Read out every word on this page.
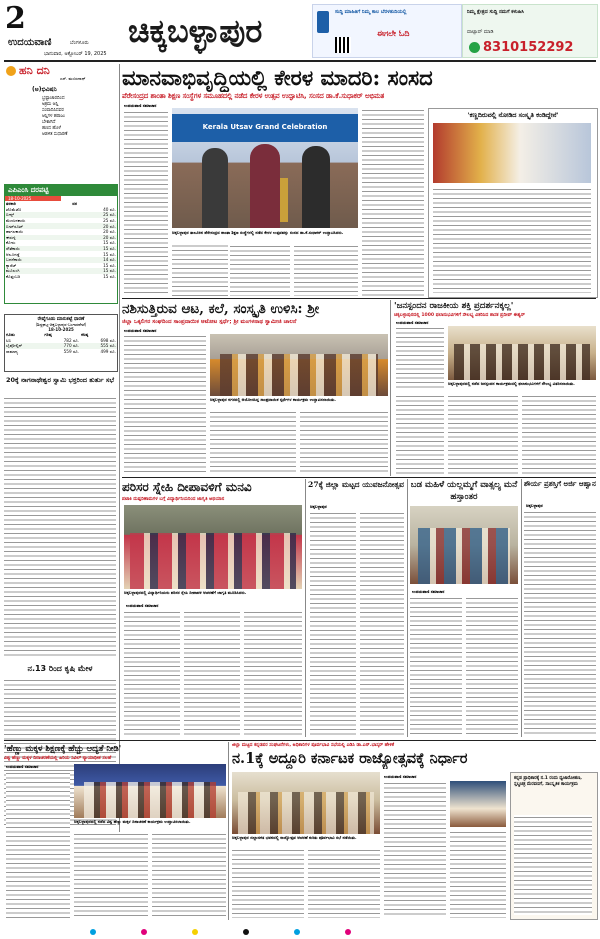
2
ಉದಯವಾಣಿ	ಬೆಂಗಳೂರು
ಭಾನುವಾರ, ಅಕ್ಟೋಬರ್ 19, 2025
ಚಿಕ್ಕಬಳ್ಳಾಪುರ	ಸುದ್ದಿ ಮಾಹಿತಿಗೆ ನಿಮ್ಮ ಕಾಲ ಬೆರಳತುದಿಯಲ್ಲಿ
ಈಗಲೇ ಓದಿ
ನಿಮ್ಮ ಕ್ಷೇತ್ರದ ಸುದ್ದಿ ನಮಗೆ ಕಳುಹಿಸಿ
ವಾಟ್ಸಾಪ್ ಮಾಡಿ
8310152292
ಹನಿ ದನಿ
ಎಸ್. ಮಂಜುನಾಥ್
(ಅ)ಭಿವಿಷನಿ
ಭ್ರಷ್ಟಾಚಾರದಿಂದ
ಅಕ್ರಮ ಆಸ್ತಿ
ಸಂಪಾದಿಸಿದವರ
ಆಸ್ತಿಗಳ ಹರಾಜು
ಬೇಕಾಗಿದೆ
ಹಣದ ಹೊಳೆ
ಆಡಳಿತ ಸುಧಾರಣೆ
ಎಪಿಎಂಸಿ ದರಪಟ್ಟಿ
18-10-2025
ತರಕಾರಿ	ದರ
ಟೊಮೆಟೊ	40 ರೂ.
ಬೀನ್ಸ್	25 ರೂ.
ಮೆಣಸಿನಕಾಯಿ	25 ರೂ.
ಬೀಟ್‌ರೂಟ್	20 ರೂ.
ಹಾಗಲಕಾಯಿ	20 ರೂ.
ಈರುಳ್ಳಿ	20 ರೂ.
ಕೋಸು	15 ರೂ.
ಸೌತೆಕಾಯಿ	15 ರೂ.
ಆಲೂಗಡ್ಡೆ	15 ರೂ.
ಬದನೆಕಾಯಿ	14 ರೂ.
ಕ್ಯಾರೆಟ್	15 ರೂ.
ಮೂಲಂಗಿ	15 ರೂ.
ಕೊತ್ತಂಬರಿ	15 ರೂ.
ರೇಷ್ಮೆಗೂಡು ಮಾರುಕಟ್ಟೆ ಧಾರಣೆ
(ಶಿಡ್ಲಘಟ್ಟ-ಚಿಕ್ಕಬಳ್ಳಾಪುರ-ಬಂಗಾರಪೇಟೆ)
18-10-2025
ಗೂಡು	ಗರಿಷ್ಠ	ಕನಿಷ್ಠ
ಸಿಬಿ	782 ರೂ.	698 ರೂ.
ಬೈವೋಲ್ಟಿನ್	770 ರೂ.	555 ರೂ.
ಸಾಮಾನ್ಯ	559 ರೂ.	499 ರೂ.
20ಕ್ಕೆ ನಾಗನಾಥೇಶ್ವರ ಸ್ವಾಮಿ ಭಕ್ತರಿಂದ ತುರ್ತು ಸಭೆ
ನ.13 ರಿಂದ ಕೃಷಿ ಮೇಳ
ಮಾನವಾಭಿವೃದ್ಧಿಯಲ್ಲಿ ಕೇರಳ ಮಾದರಿ: ಸಂಸದ
ಪೆರೇಸಂದ್ರದ ಶಾಂತಾ ಶಿಕ್ಷಣ ಸಂಸ್ಥೆಗಳ ಸಮೂಹದಲ್ಲಿ ನಡೆದ ಕೇರಳ ಉತ್ಸವ ಉದ್ಘಾಟಿಸಿ, ಸಂಸದ ಡಾ.ಕೆ.ಸುಧಾಕರ್ ಅಭಿಮತ
ಉದಯವಾಣಿ ಸಮಾಚಾರ
Kerala Utsav Grand Celebration
ಚಿಕ್ಕಬಳ್ಳಾಪುರ ತಾಲೂಕಿನ ಪೆರೇಸಂದ್ರದ ಶಾಂತಾ ಶಿಕ್ಷಣ ಸಂಸ್ಥೆಗಳಲ್ಲಿ ನಡೆದ ಕೇರಳ ಉತ್ಸವವನ್ನು ಸಂಸದ ಡಾ.ಕೆ.ಸುಧಾಕರ್ ಉದ್ಘಾಟಿಸಿದರು.
'ಕಣ್ಣದಿರುವಲ್ಲಿ ನೋಡಿದ ಸಂಸ್ಕೃತಿ ಕಂಡಿದ್ದೇನೆ'
ನಶಿಸುತ್ತಿರುವ ಆಟ, ಕಲೆ, ಸಂಸ್ಕೃತಿ ಉಳಿಸಿ: ಶ್ರೀ
ಜಿಲ್ಲಾ ಒಕ್ಕಲಿಗರ ಸಂಘದಿಂದ ಸಾಂಪ್ರದಾಯಿಕ ಆಟೋಟ ಸ್ಪರ್ಧೆ; ಶ್ರೀ ಮಂಗಳನಾಥ ಸ್ವಾಮೀಜಿ ಚಾಲನೆ
ಉದಯವಾಣಿ ಸಮಾಚಾರ
ಚಿಕ್ಕಬಳ್ಳಾಪುರ ನಗರದಲ್ಲಿ ಆಯೋಜಿಸಿದ್ದ ಸಾಂಪ್ರದಾಯಿಕ ಸ್ಪರ್ಧೆಗಳ ಕಾರ್ಯಕ್ರಮ ಉದ್ಘಾಟಿಸಲಾಯಿತು.
'ಜನಸ್ಪಂದನ ರಾಜಕೀಯ ಶಕ್ತಿ ಪ್ರದರ್ಶನಕ್ಕಲ್ಲ'
ಚಿಕ್ಕಬಳ್ಳಾಪುರದಲ್ಲಿ 1000 ಫಲಾನುಭವಿಗಳಿಗೆ ಸೌಲಭ್ಯ ವಿತರಿಸಿದ ಶಾಸಕ ಪ್ರದೀಪ್ ಈಶ್ವರ್
ಉದಯವಾಣಿ ಸಮಾಚಾರ
ಚಿಕ್ಕಬಳ್ಳಾಪುರದಲ್ಲಿ ನಡೆದ ಜನಸ್ಪಂದನ ಕಾರ್ಯಕ್ರಮದಲ್ಲಿ ಫಲಾನುಭವಿಗಳಿಗೆ ಸೌಲಭ್ಯ ವಿತರಿಸಲಾಯಿತು.
ಪರಿಸರ ಸ್ನೇಹಿ ದೀಪಾವಳಿಗೆ ಮನವಿ
ಪಟಾಕಿ ದುಷ್ಪರಿಣಾಮಗಳ ಬಗ್ಗೆ ವಿದ್ಯಾರ್ಥಿನಿಯರಿಂದ ಜಾಗೃತಿ ಅಭಿಯಾನ
ಚಿಕ್ಕಬಳ್ಳಾಪುರದಲ್ಲಿ ವಿದ್ಯಾರ್ಥಿನಿಯರು ಪರಿಸರ ಸ್ನೇಹಿ ದೀಪಾವಳಿ ಆಚರಣೆಗೆ ಜಾಗೃತಿ ಮೂಡಿಸಿದರು.
ಉದಯವಾಣಿ ಸಮಾಚಾರ
27ಕ್ಕೆ ಜಿಲ್ಲಾ ಮಟ್ಟದ ಯುವಜನೋತ್ಸವ
ಚಿಕ್ಕಬಳ್ಳಾಪುರ
ಬಡ ಮಹಿಳೆ ಯಲ್ಲಮ್ಮಗೆ ವಾತ್ಸಲ್ಯ ಮನೆ ಹಸ್ತಾಂತರ
ಉದಯವಾಣಿ ಸಮಾಚಾರ
ಶೌರ್ಯ ಪ್ರಶಸ್ತಿಗೆ ಅರ್ಜಿ ಆಹ್ವಾನ
ಚಿಕ್ಕಬಳ್ಳಾಪುರ
'ಹೆಣ್ಣು ಮಕ್ಕಳ ಶಿಕ್ಷಣಕ್ಕೆ ಹೆಚ್ಚು ಆದ್ಯತೆ ನೀಡಿ'
ವಿಶ್ವ ಹೆಣ್ಣು ಮಕ್ಕಳ ದಿನಾಚರಣೆಯಲ್ಲಿ ಹಿರಿಯ ಸಿವಿಲ್ ನ್ಯಾಯಾಧೀಶ ಸಲಹೆ
ಉದಯವಾಣಿ ಸಮಾಚಾರ
ಚಿಕ್ಕಬಳ್ಳಾಪುರದಲ್ಲಿ ನಡೆದ ವಿಶ್ವ ಹೆಣ್ಣು ಮಕ್ಕಳ ದಿನಾಚರಣೆ ಕಾರ್ಯಕ್ರಮ ಉದ್ಘಾಟಿಸಲಾಯಿತು.
ಜಿಲ್ಲಾ ಮಟ್ಟದ ಕನ್ನಡಪರ ಸಂಘಟನೆಗಳು, ಅಧಿಕಾರಿಗಳ ಪೂರ್ವಭಾವಿ ಸಭೆಯಲ್ಲಿ ಎಡಿಸಿ ಡಾ.ಎನ್.ಭಾಸ್ಕರ್ ಹೇಳಿಕೆ
ನ.1ಕ್ಕೆ ಅದ್ದೂರಿ ಕರ್ನಾಟಕ ರಾಜ್ಯೋತ್ಸವಕ್ಕೆ ನಿರ್ಧಾರ
ಚಿಕ್ಕಬಳ್ಳಾಪುರ ಜಿಲ್ಲಾಡಳಿತ ಭವನದಲ್ಲಿ ರಾಜ್ಯೋತ್ಸವ ಆಚರಣೆ ಕುರಿತು ಪೂರ್ವಭಾವಿ ಸಭೆ ನಡೆಯಿತು.
ಉದಯವಾಣಿ ಸಮಾಚಾರ	ಕನ್ನಡ ಪ್ರಾಧಿಕಾರಕ್ಕೆ ನ.1 ರಂದು ಧ್ವಜಾರೋಹಣ, ಸ್ತಬ್ಧಚಿತ್ರ ಮೆರವಣಿಗೆ, ಸಾಂಸ್ಕೃತಿಕ ಕಾರ್ಯಕ್ರಮ
